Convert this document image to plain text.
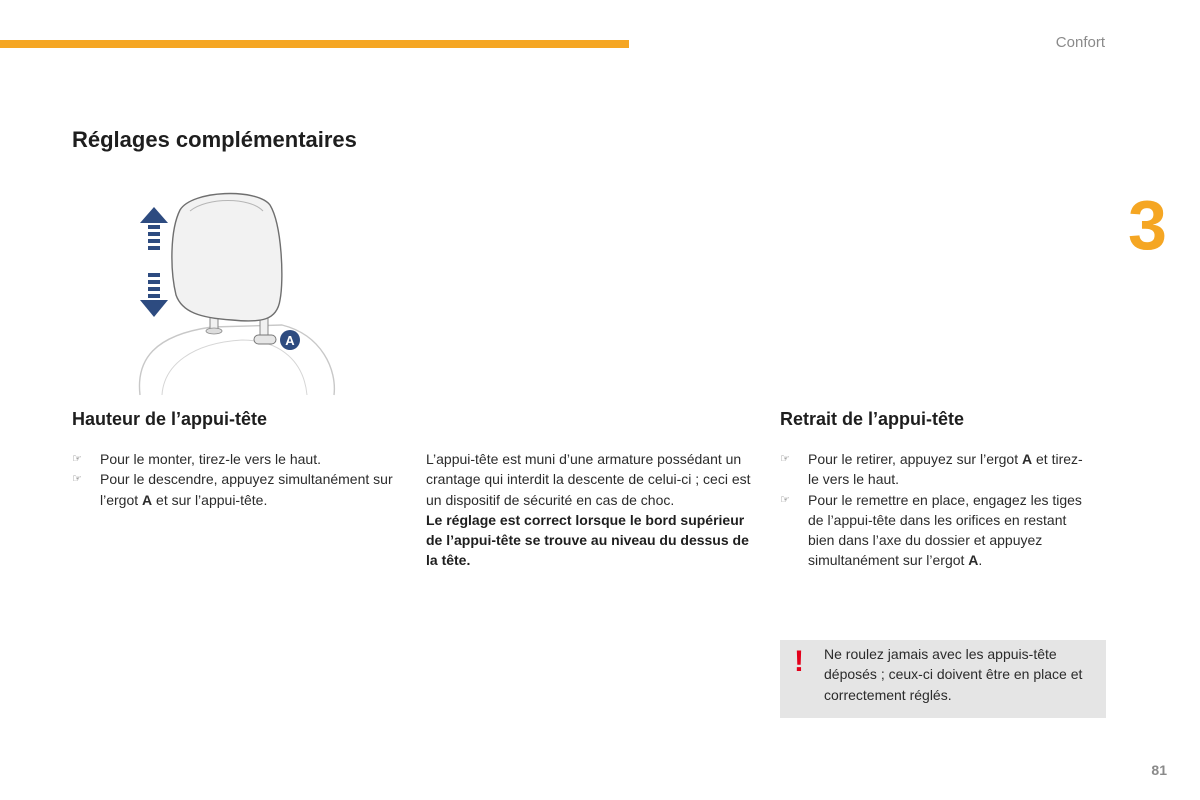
Confort
3
Réglages complémentaires
A
Hauteur de l’appui-tête
☞ Pour le monter, tirez-le vers le haut.
☞ Pour le descendre, appuyez simultanément sur l’ergot A et sur l’appui-tête.

L’appui-tête est muni d’une armature possédant un crantage qui interdit la descente de celui-ci ; ceci est un dispositif de sécurité en cas de choc.
Le réglage est correct lorsque le bord supérieur de l’appui-tête se trouve au niveau du dessus de la tête.

Retrait de l’appui-tête
☞ Pour le retirer, appuyez sur l’ergot A et tirez-le vers le haut.
☞ Pour le remettre en place, engagez les tiges de l’appui-tête dans les orifices en restant bien dans l’axe du dossier et appuyez simultanément sur l’ergot A.
! Ne roulez jamais avec les appuis-tête déposés ; ceux-ci doivent être en place et correctement réglés.

81
